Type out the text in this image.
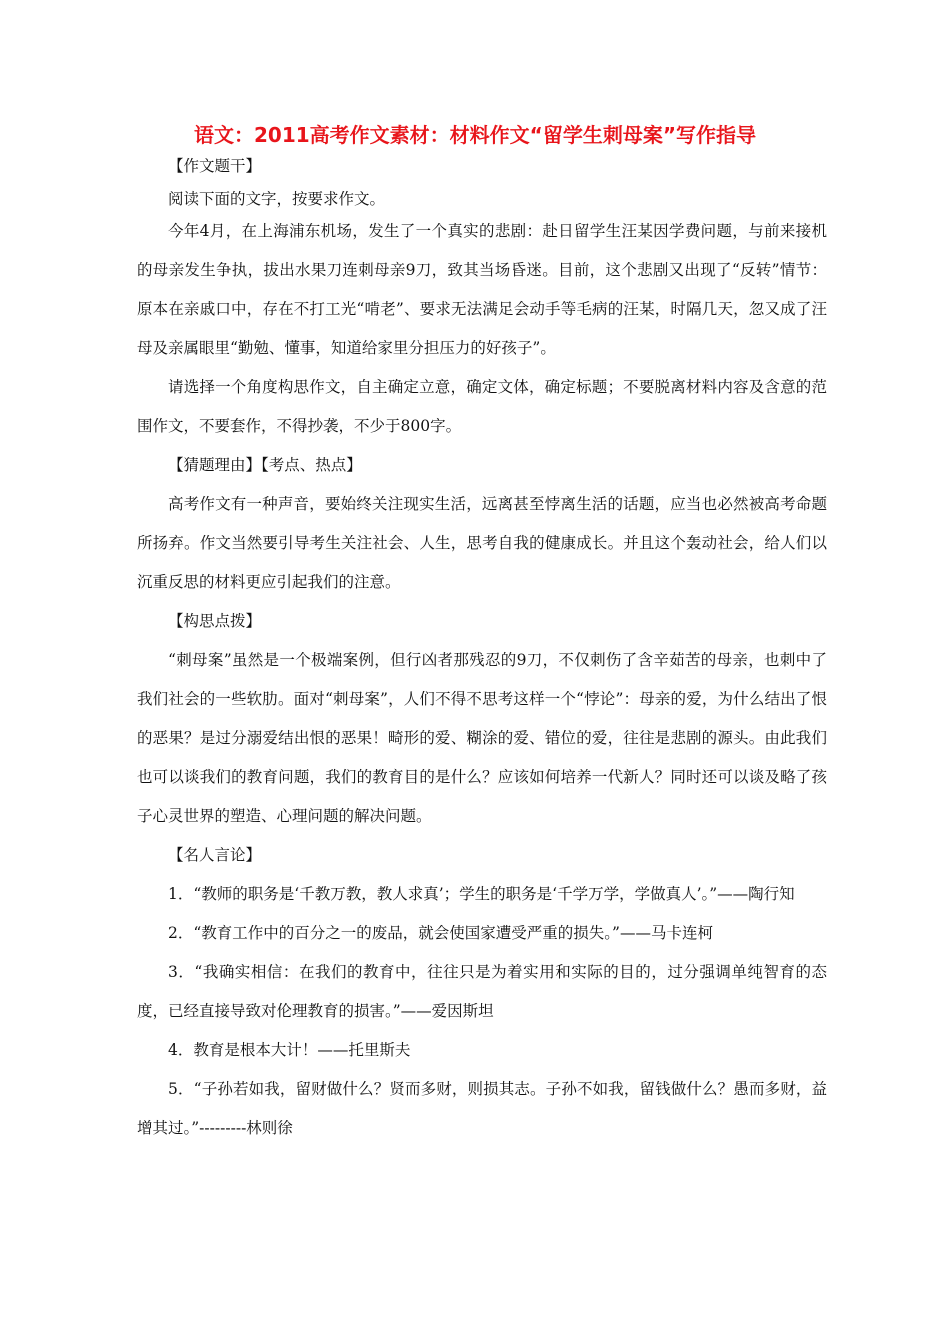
语文：2011高考作文素材：材料作文“留学生刺母案”写作指导

【作文题干】

阅读下面的文字，按要求作文。

今年4月，在上海浦东机场，发生了一个真实的悲剧：赴日留学生汪某因学费问题，与前来接机的母亲发生争执，拔出水果刀连刺母亲9刀，致其当场昏迷。目前，这个悲剧又出现了“反转”情节：原本在亲戚口中，存在不打工光“啃老”、要求无法满足会动手等毛病的汪某，时隔几天，忽又成了汪母及亲属眼里“勤勉、懂事，知道给家里分担压力的好孩子”。

请选择一个角度构思作文，自主确定立意，确定文体，确定标题；不要脱离材料内容及含意的范围作文，不要套作，不得抄袭，不少于800字。

【猜题理由】【考点、热点】

高考作文有一种声音，要始终关注现实生活，远离甚至悖离生活的话题，应当也必然被高考命题所扬弃。作文当然要引导考生关注社会、人生，思考自我的健康成长。并且这个轰动社会，给人们以沉重反思的材料更应引起我们的注意。

【构思点拨】

“刺母案”虽然是一个极端案例，但行凶者那残忍的9刀，不仅刺伤了含辛茹苦的母亲，也刺中了我们社会的一些软肋。面对“刺母案”，人们不得不思考这样一个“悖论”：母亲的爱，为什么结出了恨的恶果？是过分溺爱结出恨的恶果！畸形的爱、糊涂的爱、错位的爱，往往是悲剧的源头。由此我们也可以谈我们的教育问题，我们的教育目的是什么？应该如何培养一代新人？同时还可以谈及略了孩子心灵世界的塑造、心理问题的解决问题。

【名人言论】

1．“教师的职务是‘千教万教，教人求真’；学生的职务是‘千学万学，学做真人’。”——陶行知

2．“教育工作中的百分之一的废品，就会使国家遭受严重的损失。”——马卡连柯

3．“我确实相信：在我们的教育中，往往只是为着实用和实际的目的，过分强调单纯智育的态度，已经直接导致对伦理教育的损害。”——爱因斯坦

4．教育是根本大计！——托里斯夫

5．“子孙若如我，留财做什么？贤而多财，则损其志。子孙不如我，留钱做什么？愚而多财，益增其过。”---------林则徐
